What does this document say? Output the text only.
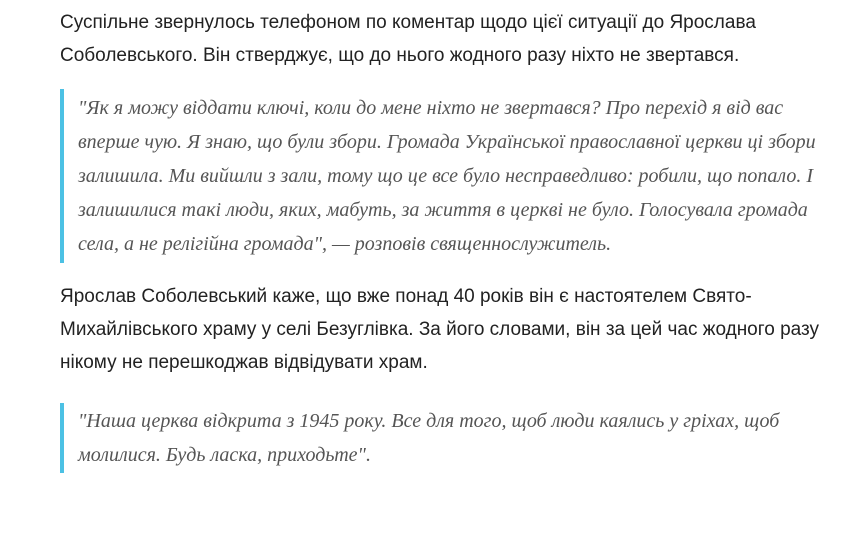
Суспільне звернулось телефоном по коментар щодо цієї ситуації до Ярослава Соболевського. Він стверджує, що до нього жодного разу ніхто не звертався.

"Як я можу віддати ключі, коли до мене ніхто не звертався? Про перехід я від вас вперше чую. Я знаю, що були збори. Громада Української православної церкви ці збори залишила. Ми вийшли з зали, тому що це все було несправедливо: робили, що попало. І залишилися такі люди, яких, мабуть, за життя в церкві не було. Голосувала громада села, а не релігійна громада", — розповів священнослужитель.

Ярослав Соболевський каже, що вже понад 40 років він є настоятелем Свято-Михайлівського храму у селі Безуглівка. За його словами, він за цей час жодного разу нікому не перешкоджав відвідувати храм.

"Наша церква відкрита з 1945 року. Все для того, щоб люди каялись у гріхах, щоб молилися. Будь ласка, приходьте".
